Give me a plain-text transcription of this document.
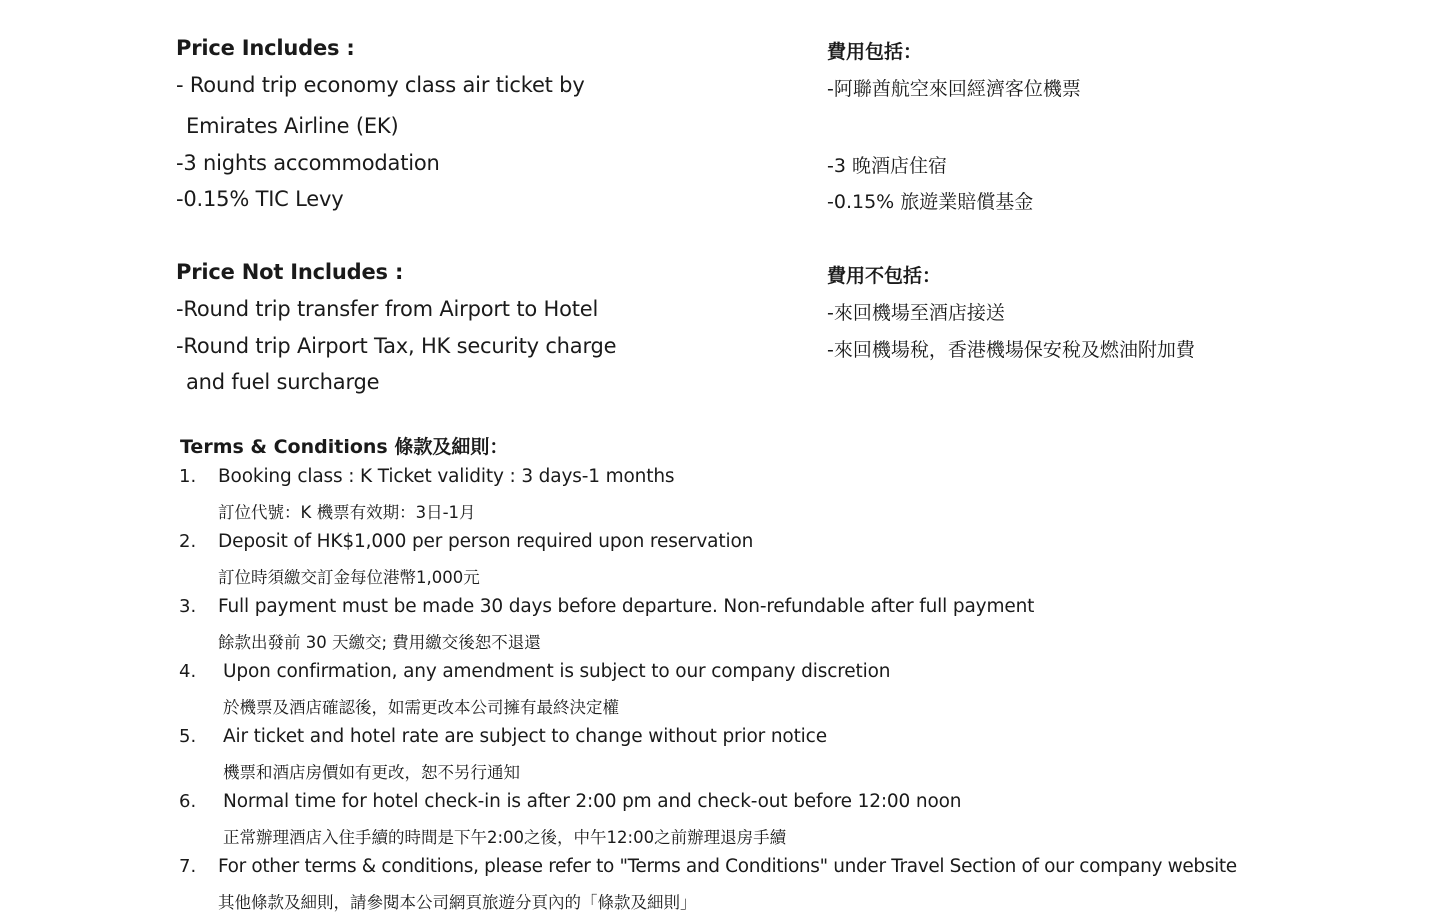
Price Includes :	費用包括：
- Round trip economy class air ticket by
Emirates Airline (EK)
-3 nights accommodation
-0.15% TIC Levy
-阿聯酋航空來回經濟客位機票
-3 晚酒店住宿
-0.15% 旅遊業賠償基金
Price Not Includes :	費用不包括：
-Round trip transfer from Airport to Hotel
-Round trip Airport Tax, HK security charge
and fuel surcharge
-來回機場至酒店接送
-來回機場稅，香港機場保安稅及燃油附加費
Terms & Conditions 條款及細則：
1. Booking class : K Ticket validity : 3 days-1 months
訂位代號：K 機票有效期：3日-1月
2. Deposit of HK$1,000 per person required upon reservation
訂位時須繳交訂金每位港幣1,000元
3. Full payment must be made 30 days before departure. Non-refundable after full payment
餘款出發前 30 天繳交; 費用繳交後恕不退還
4. Upon confirmation, any amendment is subject to our company discretion
於機票及酒店確認後，如需更改本公司擁有最終決定權
5. Air ticket and hotel rate are subject to change without prior notice
機票和酒店房價如有更改，恕不另行通知
6. Normal time for hotel check-in is after 2:00 pm and check-out before 12:00 noon
正常辦理酒店入住手續的時間是下午2:00之後，中午12:00之前辦理退房手續
7. For other terms & conditions, please refer to "Terms and Conditions" under Travel Section of our company website
其他條款及細則，請參閱本公司網頁旅遊分頁內的「條款及細則」
